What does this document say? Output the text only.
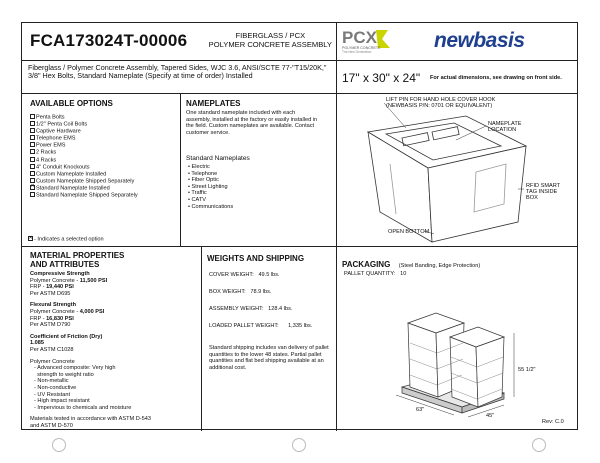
FCA173024T-00006	FIBERGLASS / PCX
POLYMER CONCRETE ASSEMBLY PCX
POLYMER CONCRETE
The New Generation	newbasis
Fiberglass / Polymer Concrete Assembly, Tapered Sides, WJC 3.6, ANSI/SCTE 77-"T15/20K," 3/8" Hex Bolts, Standard Nameplate (Specify at time of order) Installed	17" x 30" x 24" For actual dimensions, see drawing on front side.
AVAILABLE OPTIONS
Penta Bolts
1/2" Penta Coil Bolts
Captive Hardware
Telephone EMS
Power EMS
2 Racks
4 Racks
4" Conduit Knockouts
Custom Nameplate Installed
Custom Nameplate Shipped Separately
✕Standard Nameplate Installed
Standard Nameplate Shipped Separately
✕- Indicates a selected option
NAMEPLATES
One standard nameplate included with each assembly, installed at the factory or easily installed in the field. Custom nameplates are available. Contact customer service.
Standard Nameplates
• Electric
• Telephone
• Fiber Optic
• Street Lighting
• Traffic
• CATV
• Communications
LIFT PIN FOR HAND HOLE COVER HOOK
(NEWBASIS P/N: 0701 OR EQUIVALENT)
NAMEPLATE
LOCATION
RFID SMART
TAG INSIDE
BOX
OPEN BOTTOM
MATERIAL PROPERTIES
AND ATTRIBUTES
Compressive Strength
Polymer Concrete - 11,500 PSI
FRP - 19,440 PSI
Per ASTM D695
Flexural Strength
Polymer Concrete - 4,000 PSI
FRP - 16,830 PSI
Per ASTM D790
Coefficient of Friction (Dry)
1.085
Per ASTM C1028
Polymer Concrete
- Advanced composite: Very high
strength to weight ratio
- Non-metallic
- Non-conductive
- UV Resistant
- High impact resistant
- Impervious to chemicals and moisture
Materials tested in accordance with ASTM D-543
and ASTM D-570
WEIGHTS AND SHIPPING
COVER WEIGHT: 49.5 lbs.
BOX WEIGHT: 78.9 lbs.
ASSEMBLY WEIGHT: 128.4 lbs.
LOADED PALLET WEIGHT: 1,335 lbs.
Standard shipping includes van delivery of pallet quantities to the lower 48 states. Partial pallet quantities and flat bed shipping available at an additional cost.
PACKAGING (Steel Banding, Edge Protection)
PALLET QUANTITY: 10
55 1/2"
63"
45"
Rev: C.0
